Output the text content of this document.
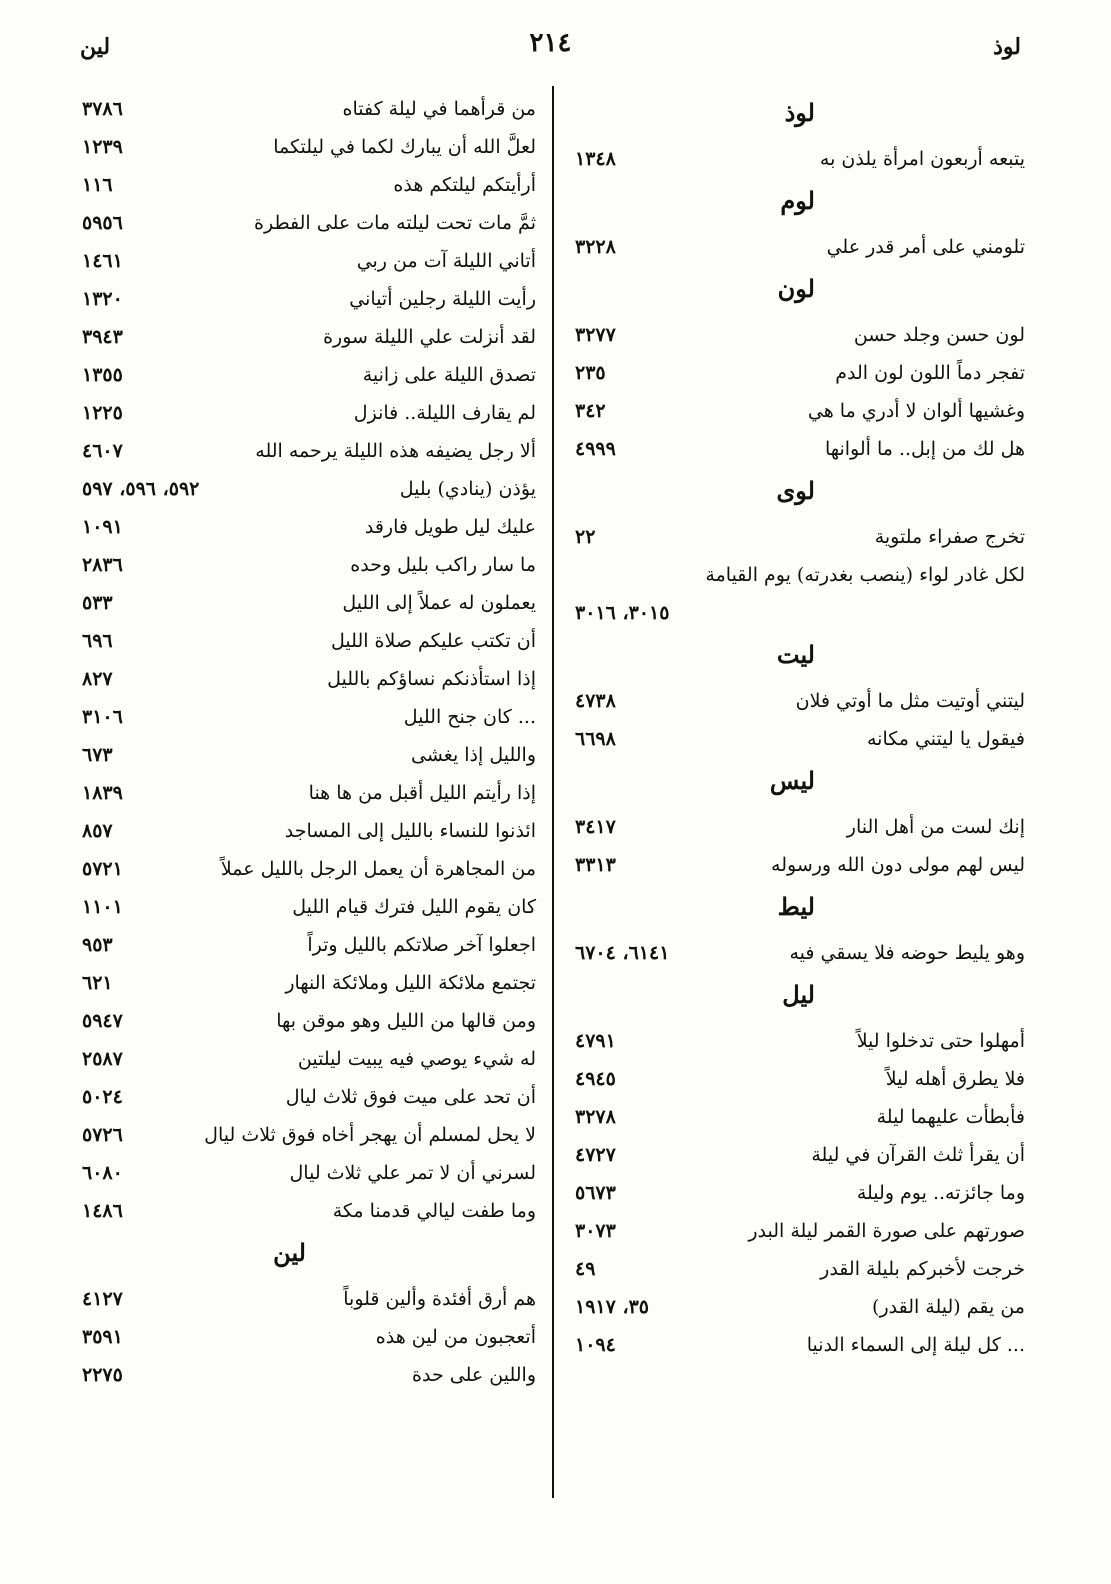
لين	٢١٤	لوذ
لوذ
يتبعه أربعون امرأة يلذن به
١٣٤٨
لوم
تلومني على أمر قدر علي
٣٢٢٨
لون
لون حسن وجلد حسن
٣٢٧٧
تفجر دماً اللون لون الدم
٢٣٥
وغشيها ألوان لا أدري ما هي
٣٤٢
هل لك من إبل.. ما ألوانها
٤٩٩٩
لوى
تخرج صفراء ملتوية
٢٢
لكل غادر لواء (ينصب بغدرته) يوم القيامة
٣٠١٥، ٣٠١٦
ليت
ليتني أوتيت مثل ما أوتي فلان
٤٧٣٨
فيقول يا ليتني مكانه
٦٦٩٨
ليس
إنك لست من أهل النار
٣٤١٧
ليس لهم مولى دون الله ورسوله
٣٣١٣
ليط
وهو يليط حوضه فلا يسقي فيه
٦١٤١، ٦٧٠٤
ليل
أمهلوا حتى تدخلوا ليلاً
٤٧٩١
فلا يطرق أهله ليلاً
٤٩٤٥
فأبطأت عليهما ليلة
٣٢٧٨
أن يقرأ ثلث القرآن في ليلة
٤٧٢٧
وما جائزته.. يوم وليلة
٥٦٧٣
صورتهم على صورة القمر ليلة البدر
٣٠٧٣
خرجت لأخبركم بليلة القدر
٤٩
من يقم (ليلة القدر)
٣٥، ١٩١٧
... كل ليلة إلى السماء الدنيا
١٠٩٤
من قرأهما في ليلة كفتاه
٣٧٨٦
لعلَّ الله أن يبارك لكما في ليلتكما
١٢٣٩
أرأيتكم ليلتكم هذه
١١٦
ثمَّ مات تحت ليلته مات على الفطرة
٥٩٥٦
أتاني الليلة آت من ربي
١٤٦١
رأيت الليلة رجلين أتياني
١٣٢٠
لقد أنزلت علي الليلة سورة
٣٩٤٣
تصدق الليلة على زانية
١٣٥٥
لم يقارف الليلة.. فانزل
١٢٢٥
ألا رجل يضيفه هذه الليلة يرحمه الله
٤٦٠٧
يؤذن (ينادي) بليل
٥٩٢، ٥٩٦، ٥٩٧
عليك ليل طويل فارقد
١٠٩١
ما سار راكب بليل وحده
٢٨٣٦
يعملون له عملاً إلى الليل
٥٣٣
أن تكتب عليكم صلاة الليل
٦٩٦
إذا استأذنكم نساؤكم بالليل
٨٢٧
... كان جنح الليل
٣١٠٦
والليل إذا يغشى
٦٧٣
إذا رأيتم الليل أقبل من ها هنا
١٨٣٩
ائذنوا للنساء بالليل إلى المساجد
٨٥٧
من المجاهرة أن يعمل الرجل بالليل عملاً
٥٧٢١
كان يقوم الليل فترك قيام الليل
١١٠١
اجعلوا آخر صلاتكم بالليل وتراً
٩٥٣
تجتمع ملائكة الليل وملائكة النهار
٦٢١
ومن قالها من الليل وهو موقن بها
٥٩٤٧
له شيء يوصي فيه يبيت ليلتين
٢٥٨٧
أن تحد على ميت فوق ثلاث ليال
٥٠٢٤
لا يحل لمسلم أن يهجر أخاه فوق ثلاث ليال
٥٧٢٦
لسرني أن لا تمر علي ثلاث ليال
٦٠٨٠
وما طفت ليالي قدمنا مكة
١٤٨٦
لين
هم أرق أفئدة وألين قلوباً
٤١٢٧
أتعجبون من لين هذه
٣٥٩١
واللين على حدة
٢٢٧٥
